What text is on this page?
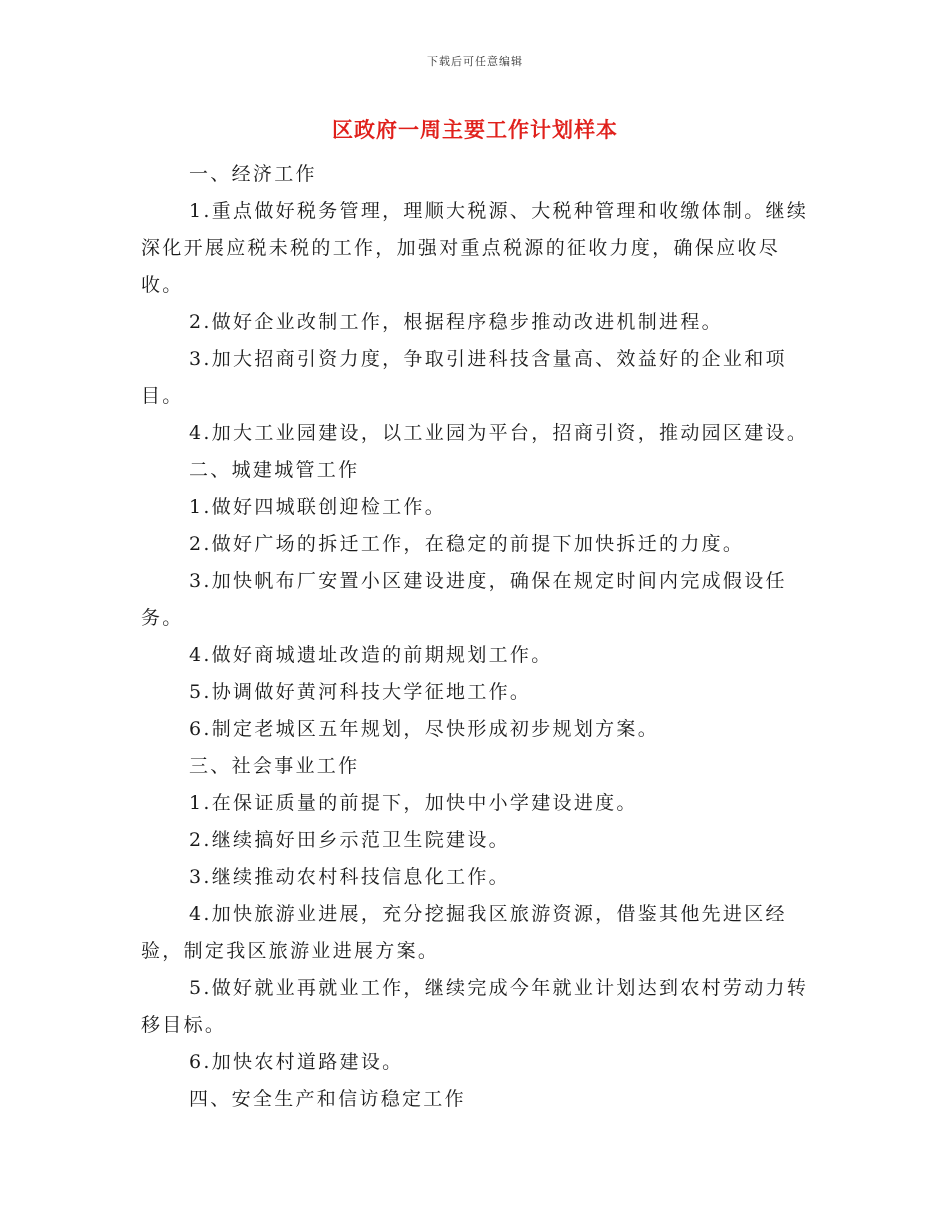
下载后可任意编辑
区政府一周主要工作计划样本

一、经济工作

1.重点做好税务管理，理顺大税源、大税种管理和收缴体制。继续深化开展应税未税的工作，加强对重点税源的征收力度，确保应收尽收。

2.做好企业改制工作，根据程序稳步推动改进机制进程。

3.加大招商引资力度，争取引进科技含量高、效益好的企业和项目。

4.加大工业园建设，以工业园为平台，招商引资，推动园区建设。

二、城建城管工作

1.做好四城联创迎检工作。

2.做好广场的拆迁工作，在稳定的前提下加快拆迁的力度。

3.加快帆布厂安置小区建设进度，确保在规定时间内完成假设任务。

4.做好商城遗址改造的前期规划工作。

5.协调做好黄河科技大学征地工作。

6.制定老城区五年规划，尽快形成初步规划方案。

三、社会事业工作

1.在保证质量的前提下，加快中小学建设进度。

2.继续搞好田乡示范卫生院建设。

3.继续推动农村科技信息化工作。

4.加快旅游业进展，充分挖掘我区旅游资源，借鉴其他先进区经验，制定我区旅游业进展方案。

5.做好就业再就业工作，继续完成今年就业计划达到农村劳动力转移目标。

6.加快农村道路建设。

四、安全生产和信访稳定工作
